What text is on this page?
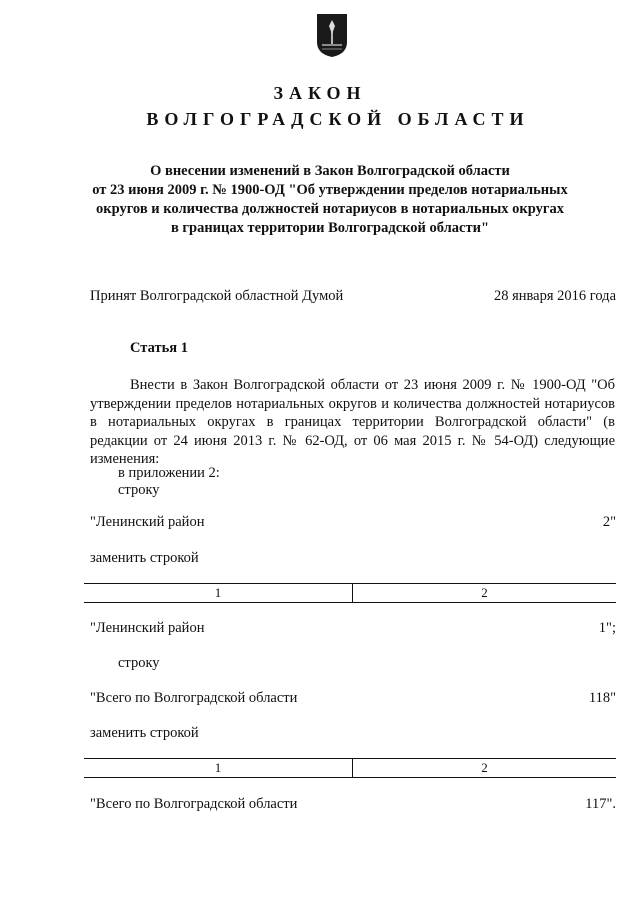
ЗАКОН
ВОЛГОГРАДСКОЙ ОБЛАСТИ
О внесении изменений в Закон Волгоградской области
от 23 июня 2009 г. № 1900-ОД "Об утверждении пределов нотариальных
округов и количества должностей нотариусов в нотариальных округах
в границах территории Волгоградской области"
Принят Волгоградской областной Думой	28 января 2016 года
Статья 1
Внести в Закон Волгоградской области от 23 июня 2009 г. № 1900-ОД "Об утверждении пределов нотариальных округов и количества должностей нотариусов в нотариальных округах в границах территории Волгоградской области" (в редакции от 24 июня 2013 г. № 62-ОД, от 06 мая 2015 г. № 54-ОД) следующие изменения:
в приложении 2:
строку
"Ленинский район	2"
заменить строкой
1	2
"Ленинский район	1";
строку
"Всего по Волгоградской области	118"
заменить строкой
1	2
"Всего по Волгоградской области	117".
